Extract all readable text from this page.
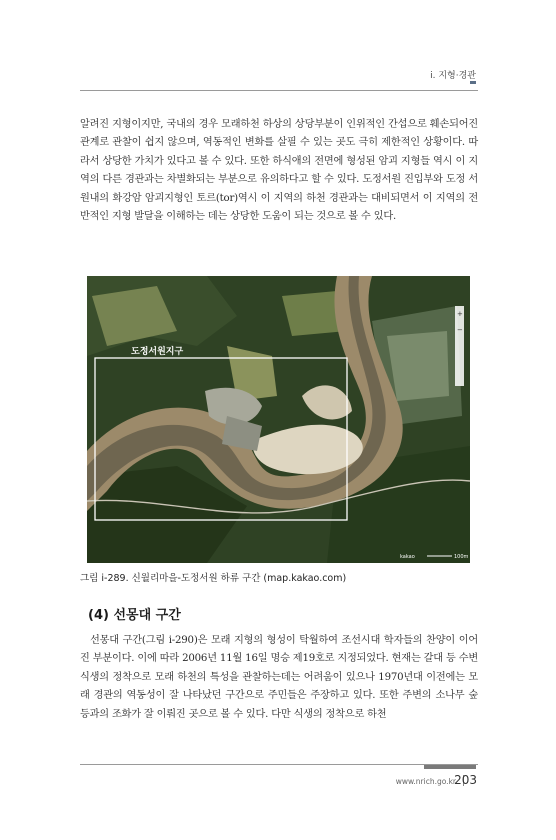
i. 지형·경관

알려진 지형이지만, 국내의 경우 모래하천 하상의 상당부분이 인위적인 간섭으로 훼손되어진 관계로 관찰이 쉽지 않으며, 역동적인 변화를 살필 수 있는 곳도 극히 제한적인 상황이다. 따라서 상당한 가치가 있다고 볼 수 있다. 또한 하식애의 전면에 형성된 암괴 지형들 역시 이 지역의 다른 경관과는 차별화되는 부분으로 유의하다고 할 수 있다. 도정서원 진입부와 도정 서원내의 화강암 암괴지형인 토르(tor)역시 이 지역의 하천 경관과는 대비되면서 이 지역의 전반적인 지형 발달을 이해하는 데는 상당한 도움이 되는 것으로 볼 수 있다.

도정서원지구
+
−
kakao	100m
그림 i-289. 신월리마을-도정서원 하류 구간 (map.kakao.com)
(4) 선몽대 구간

선몽대 구간(그림 i-290)은 모래 지형의 형성이 탁월하여 조선시대 학자들의 찬양이 이어진 부분이다. 이에 따라 2006년 11월 16일 명승 제19호로 지정되었다. 현재는 갈대 등 수변 식생의 정착으로 모래 하천의 특성을 관찰하는데는 어려움이 있으나 1970년대 이전에는 모래 경관의 역동성이 잘 나타났던 구간으로 주민들은 주장하고 있다. 또한 주변의 소나무 숲 등과의 조화가 잘 이뤄진 곳으로 볼 수 있다. 다만 식생의 정착으로 하천

www.nrich.go.kr
203
